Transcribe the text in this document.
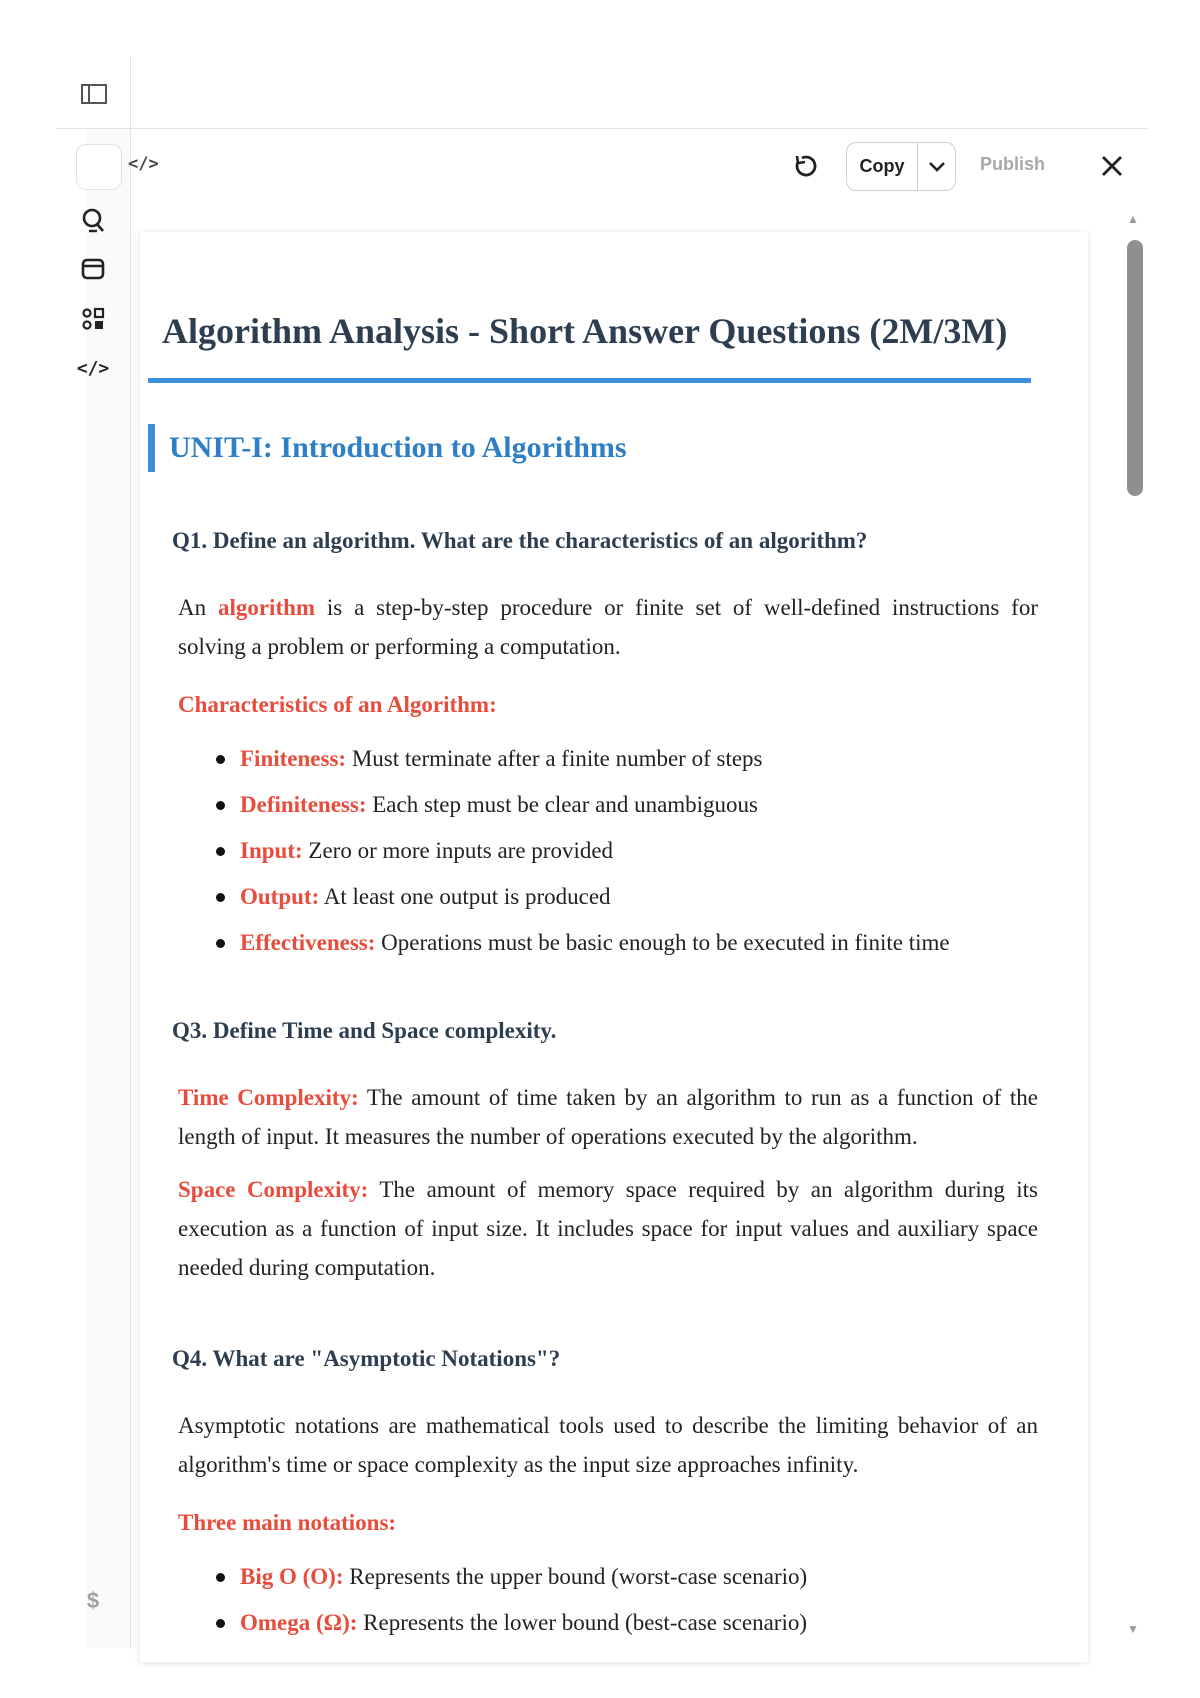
</>
$
</>	Copy	Publish
▲
▼
Algorithm Analysis - Short Answer Questions (2M/3M)
UNIT-I: Introduction to Algorithms
Q1. Define an algorithm. What are the characteristics of an algorithm?
An algorithm is a step-by-step procedure or finite set of well-defined instructions for solving a problem or performing a computation.
Characteristics of an Algorithm:
Finiteness: Must terminate after a finite number of steps
Definiteness: Each step must be clear and unambiguous
Input: Zero or more inputs are provided
Output: At least one output is produced
Effectiveness: Operations must be basic enough to be executed in finite time
Q3. Define Time and Space complexity.
Time Complexity: The amount of time taken by an algorithm to run as a function of the length of input. It measures the number of operations executed by the algorithm.
Space Complexity: The amount of memory space required by an algorithm during its execution as a function of input size. It includes space for input values and auxiliary space needed during computation.
Q4. What are "Asymptotic Notations"?
Asymptotic notations are mathematical tools used to describe the limiting behavior of an algorithm's time or space complexity as the input size approaches infinity.
Three main notations:
Big O (O): Represents the upper bound (worst-case scenario)
Omega (Ω): Represents the lower bound (best-case scenario)
